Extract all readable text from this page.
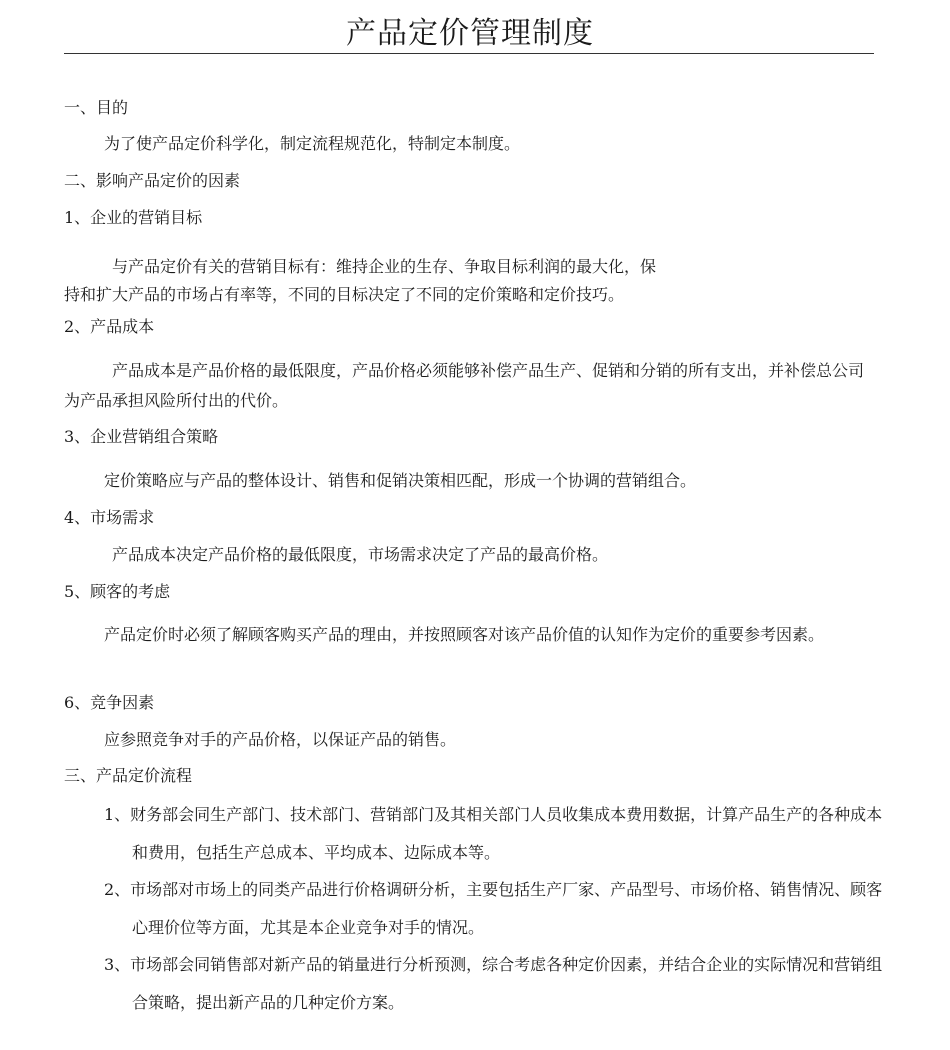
产品定价管理制度
一、目的
为了使产品定价科学化，制定流程规范化，特制定本制度。
二、影响产品定价的因素
1、企业的营销目标
与产品定价有关的营销目标有：维持企业的生存、争取目标利润的最大化，保
持和扩大产品的市场占有率等，不同的目标决定了不同的定价策略和定价技巧。
2、产品成本
产品成本是产品价格的最低限度，产品价格必须能够补偿产品生产、促销和分销的所有支出，并补偿总公司为产品承担风险所付出的代价。
3、企业营销组合策略
定价策略应与产品的整体设计、销售和促销决策相匹配，形成一个协调的营销组合。
4、市场需求
产品成本决定产品价格的最低限度，市场需求决定了产品的最高价格。
5、顾客的考虑
产品定价时必须了解顾客购买产品的理由，并按照顾客对该产品价值的认知作为定价的重要参考因素。
6、竞争因素
应参照竞争对手的产品价格，以保证产品的销售。
三、产品定价流程
1、财务部会同生产部门、技术部门、营销部门及其相关部门人员收集成本费用数据，计算产品生产的各种成本和费用，包括生产总成本、平均成本、边际成本等。
2、市场部对市场上的同类产品进行价格调研分析，主要包括生产厂家、产品型号、市场价格、销售情况、顾客心理价位等方面，尤其是本企业竞争对手的情况。
3、市场部会同销售部对新产品的销量进行分析预测，综合考虑各种定价因素，并结合企业的实际情况和营销组合策略，提出新产品的几种定价方案。
